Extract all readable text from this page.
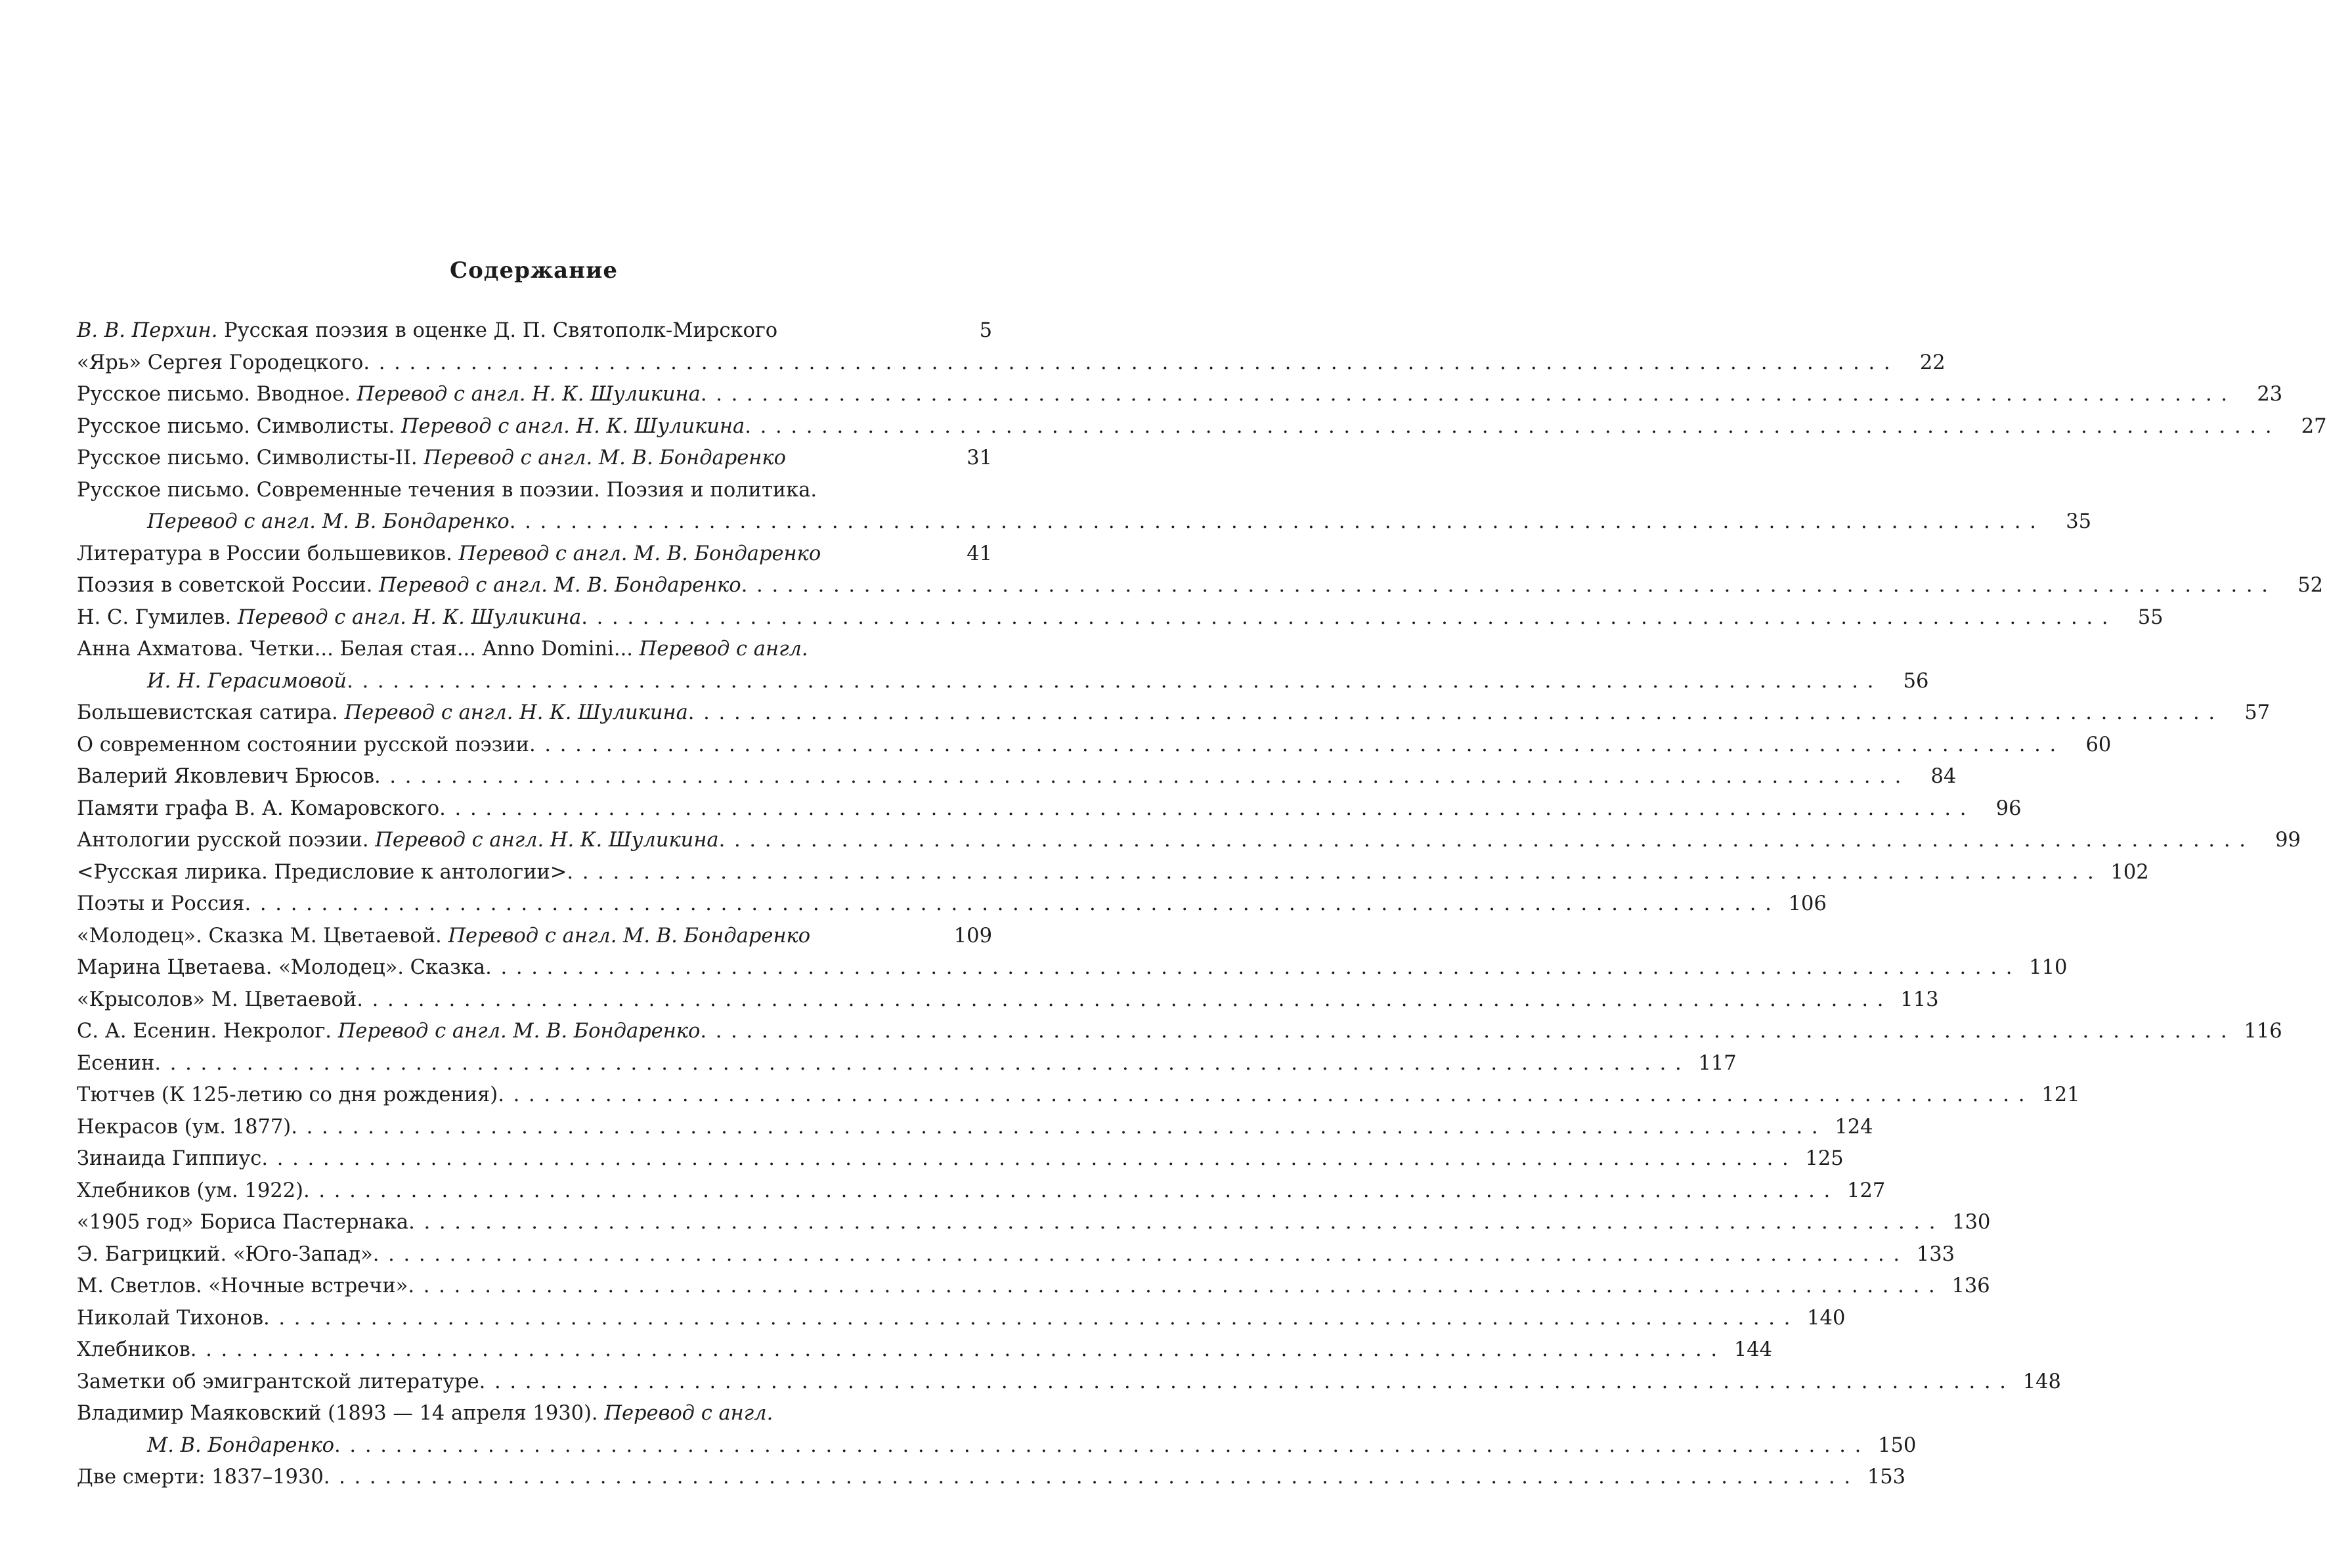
Содержание
В. В. Перхин. Русская поэзия в оценке Д. П. Святополк-Мирского	5
«Ярь» Сергея Городецкого . . .	22
Русское письмо. Вводное. Перевод с англ. Н. К. Шуликина . . .	23
Русское письмо. Символисты. Перевод с англ. Н. К. Шуликина . . .	27
Русское письмо. Символисты-II. Перевод с англ. М. В. Бондаренко	31
Русское письмо. Современные течения в поэзии. Поэзия и политика.
Перевод с англ. М. В. Бондаренко . . .	35
Литература в России большевиков. Перевод с англ. М. В. Бондаренко	41
Поэзия в советской России. Перевод с англ. М. В. Бондаренко . . .	52
Н. С. Гумилев. Перевод с англ. Н. К. Шуликина . . .	55
Анна Ахматова. Четки... Белая стая... Anno Domini... Перевод с англ.
И. Н. Герасимовой . . .	56
Большевистская сатира. Перевод с англ. Н. К. Шуликина . . .	57
О современном состоянии русской поэзии . . .	60
Валерий Яковлевич Брюсов . . .	84
Памяти графа В. А. Комаровского . . .	96
Антологии русской поэзии. Перевод с англ. Н. К. Шуликина . . .	99
<Русская лирика. Предисловие к антологии> . . .	102
Поэты и Россия . . .	106
«Молодец». Сказка М. Цветаевой. Перевод с англ. М. В. Бондаренко	109
Марина Цветаева. «Молодец». Сказка . . .	110
«Крысолов» М. Цветаевой . . .	113
С. А. Есенин. Некролог. Перевод с англ. М. В. Бондаренко . . .	116
Есенин . . .	117
Тютчев (К 125-летию со дня рождения) . . .	121
Некрасов (ум. 1877) . . .	124
Зинаида Гиппиус . . .	125
Хлебников (ум. 1922) . . .	127
«1905 год» Бориса Пастернака . . .	130
Э. Багрицкий. «Юго-Запад» . . .	133
М. Светлов. «Ночные встречи» . . .	136
Николай Тихонов . . .	140
Хлебников . . .	144
Заметки об эмигрантской литературе . . .	148
Владимир Маяковский (1893 — 14 апреля 1930). Перевод с англ.
М. В. Бондаренко . . .	150
Две смерти: 1837–1930 . . .	153
